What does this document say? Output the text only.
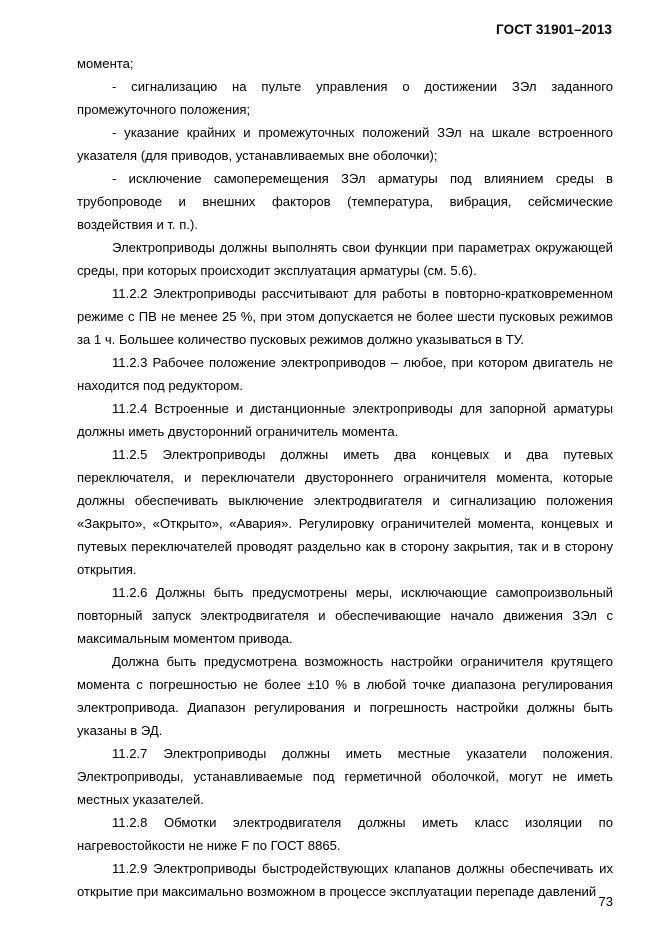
ГОСТ 31901–2013

момента;

- сигнализацию на пульте управления о достижении ЗЭл заданного промежуточного положения;

- указание крайних и промежуточных положений ЗЭл на шкале встроенного указателя (для приводов, устанавливаемых вне оболочки);

- исключение самоперемещения ЗЭл арматуры под влиянием среды в трубопроводе и внешних факторов (температура, вибрация, сейсмические воздействия и т. п.).

Электроприводы должны выполнять свои функции при параметрах окружающей среды, при которых происходит эксплуатация арматуры (см. 5.6).

11.2.2 Электроприводы рассчитывают для работы в повторно-кратковременном режиме с ПВ не менее 25 %, при этом допускается не более шести пусковых режимов за 1 ч. Большее количество пусковых режимов должно указываться в ТУ.

11.2.3 Рабочее положение электроприводов – любое, при котором двигатель не находится под редуктором.

11.2.4 Встроенные и дистанционные электроприводы для запорной арматуры должны иметь двусторонний ограничитель момента.

11.2.5 Электроприводы должны иметь два концевых и два путевых переключателя, и переключатели двустороннего ограничителя момента, которые должны обеспечивать выключение электродвигателя и сигнализацию положения «Закрыто», «Открыто», «Авария». Регулировку ограничителей момента, концевых и путевых переключателей проводят раздельно как в сторону закрытия, так и в сторону открытия.

11.2.6 Должны быть предусмотрены меры, исключающие самопроизвольный повторный запуск электродвигателя и обеспечивающие начало движения ЗЭл с максимальным моментом привода.

Должна быть предусмотрена возможность настройки ограничителя крутящего момента с погрешностью не более ±10 % в любой точке диапазона регулирования электропривода. Диапазон регулирования и погрешность настройки должны быть указаны в ЭД.

11.2.7 Электроприводы должны иметь местные указатели положения. Электроприводы, устанавливаемые под герметичной оболочкой, могут не иметь местных указателей.

11.2.8 Обмотки электродвигателя должны иметь класс изоляции по нагревостойкости не ниже F по ГОСТ 8865.

11.2.9 Электроприводы быстродействующих клапанов должны обеспечивать их открытие при максимально возможном в процессе эксплуатации перепаде давлений

73
